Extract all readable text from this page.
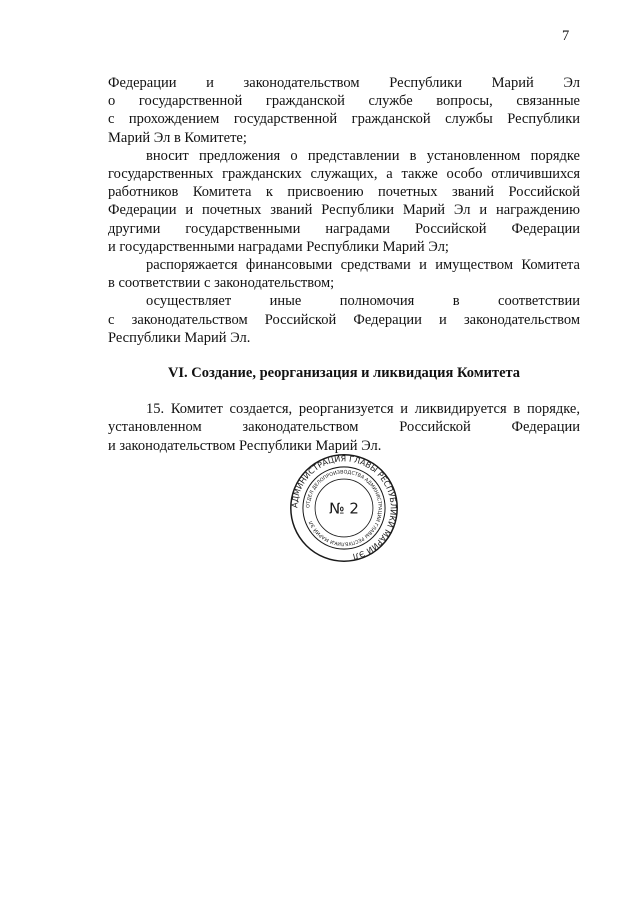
7
Федерации и законодательством Республики Марий Эл
о государственной гражданской службе вопросы, связанные
с прохождением государственной гражданской службы Республики
Марий Эл в Комитете;
вносит предложения о представлении в установленном порядке
государственных гражданских служащих, а также особо отличившихся
работников Комитета к присвоению почетных званий Российской
Федерации и почетных званий Республики Марий Эл и награждению
другими государственными наградами Российской Федерации
и государственными наградами Республики Марий Эл;
распоряжается финансовыми средствами и имуществом Комитета
в соответствии с законодательством;
осуществляет иные полномочия в соответствии
с законодательством Российской Федерации и законодательством
Республики Марий Эл.
VI. Создание, реорганизация и ликвидация Комитета
15. Комитет создается, реорганизуется и ликвидируется в порядке,
установленном законодательством Российской Федерации
и законодательством Республики Марий Эл.
АДМИНИСТРАЦИЯ ГЛАВЫ РЕСПУБЛИКИ МАРИЙ ЭЛ
ОТДЕЛ ДЕЛОПРОИЗВОДСТВА АДМИНИСТРАЦИИ ГЛАВЫ РЕСПУБЛИКИ МАРИЙ ЭЛ
№ 2
